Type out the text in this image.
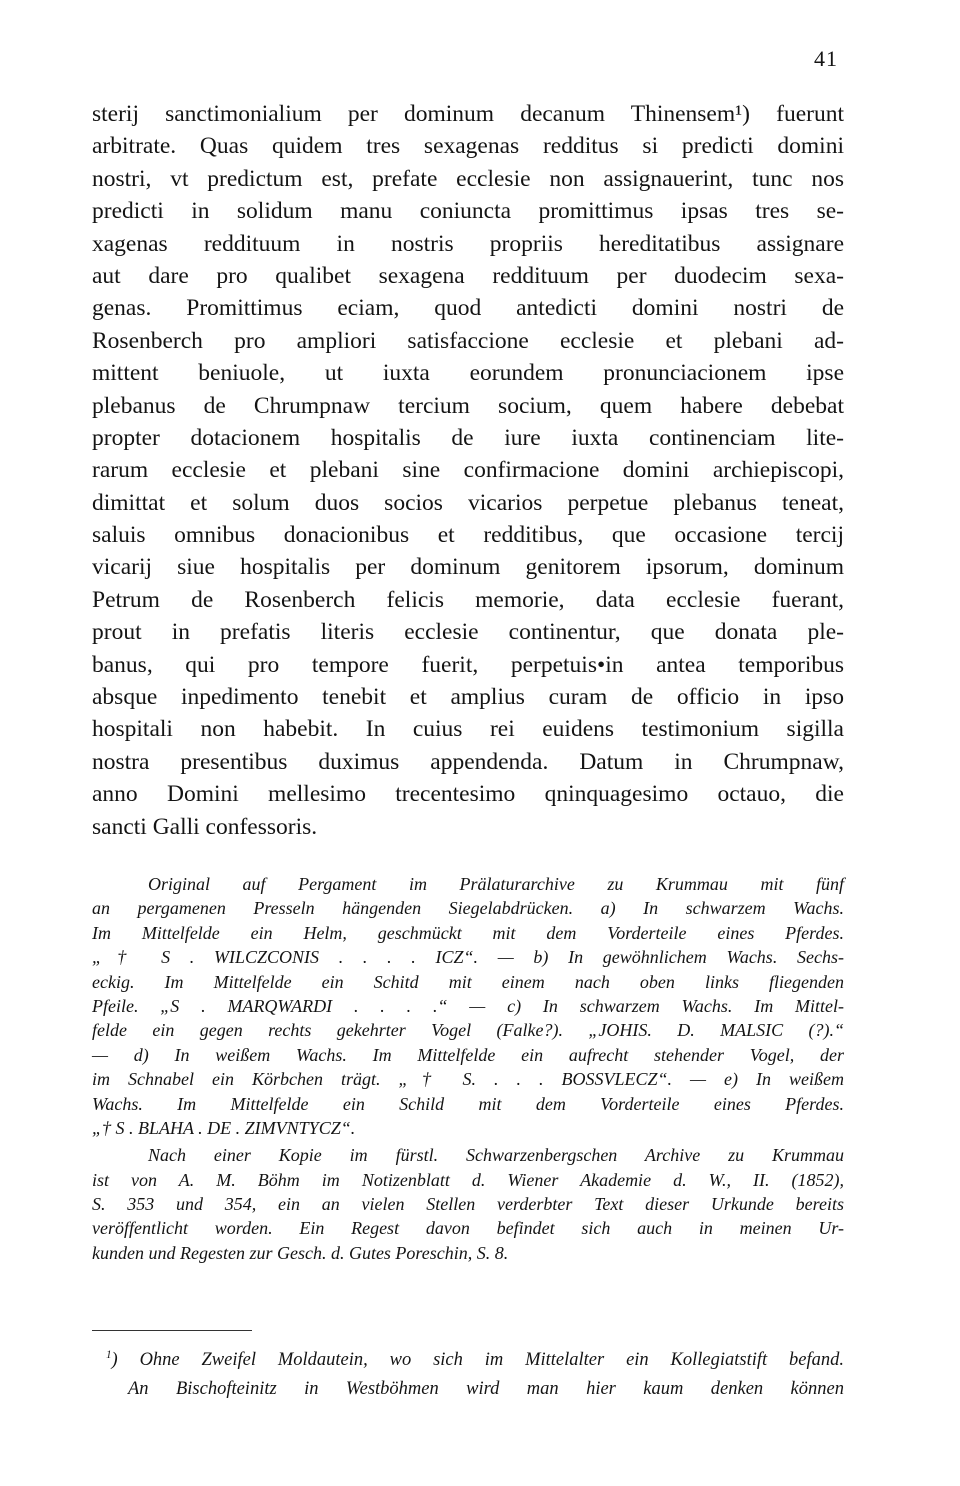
41
sterij sanctimonialium per dominum decanum Thinensem¹) fuerunt
arbitrate. Quas quidem tres sexagenas redditus si predicti domini
nostri, vt predictum est, prefate ecclesie non assignauerint, tunc nos
predicti in solidum manu coniuncta promittimus ipsas tres se-
xagenas reddituum in nostris propriis hereditatibus assignare
aut dare pro qualibet sexagena reddituum per duodecim sexa-
genas. Promittimus eciam, quod antedicti domini nostri de
Rosenberch pro ampliori satisfaccione ecclesie et plebani ad-
mittent beniuole, ut iuxta eorundem pronunciacionem ipse
plebanus de Chrumpnaw tercium socium, quem habere debebat
propter dotacionem hospitalis de iure iuxta continenciam lite-
rarum ecclesie et plebani sine confirmacione domini archiepiscopi,
dimittat et solum duos socios vicarios perpetue plebanus teneat,
saluis omnibus donacionibus et redditibus, que occasione tercij
vicarij siue hospitalis per dominum genitorem ipsorum, dominum
Petrum de Rosenberch felicis memorie, data ecclesie fuerant,
prout in prefatis literis ecclesie continentur, que donata ple-
banus, qui pro tempore fuerit, perpetuis•in antea temporibus
absque inpedimento tenebit et amplius curam de officio in ipso
hospitali non habebit. In cuius rei euidens testimonium sigilla
nostra presentibus duximus appendenda. Datum in Chrumpnaw,
anno Domini mellesimo trecentesimo qninquagesimo octauo, die
sancti Galli confessoris.
Original auf Pergament im Prälaturarchive zu Krummau mit fünf
an pergamenen Presseln hängenden Siegelabdrücken. a) In schwarzem Wachs.
Im Mittelfelde ein Helm, geschmückt mit dem Vorderteile eines Pferdes.
„† S . WILCZCONIS . . . . ICZ“. — b) In gewöhnlichem Wachs. Sechs-
eckig. Im Mittelfelde ein Schitd mit einem nach oben links fliegenden
Pfeile. „S . MARQWARDI . . . .“ — c) In schwarzem Wachs. Im Mittel-
felde ein gegen rechts gekehrter Vogel (Falke?). „JOHIS. D. MALSIC (?).“
— d) In weißem Wachs. Im Mittelfelde ein aufrecht stehender Vogel, der
im Schnabel ein Körbchen trägt. „† S. . . . BOSSVLECZ“. — e) In weißem
Wachs. Im Mittelfelde ein Schild mit dem Vorderteile eines Pferdes.
„† S . BLAHA . DE . ZIMVNTYCZ“.
Nach einer Kopie im fürstl. Schwarzenbergschen Archive zu Krummau
ist von A. M. Böhm im Notizenblatt d. Wiener Akademie d. W., II. (1852),
S. 353 und 354, ein an vielen Stellen verderbter Text dieser Urkunde bereits
veröffentlicht worden. Ein Regest davon befindet sich auch in meinen Ur-
kunden und Regesten zur Gesch. d. Gutes Poreschin, S. 8.
$^1$) Ohne Zweifel Moldautein, wo sich im Mittelalter ein Kollegiatstift befand.
An Bischofteinitz in Westböhmen wird man hier kaum denken können
